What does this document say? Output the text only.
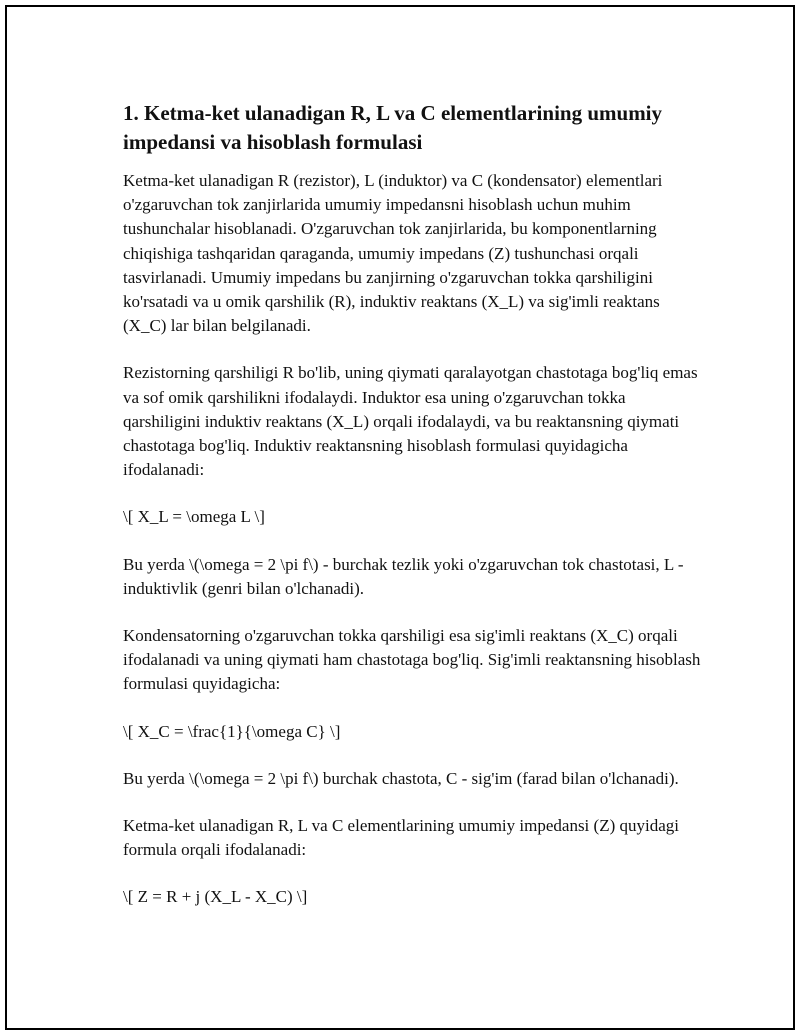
1. Ketma-ket ulanadigan R, L va C elementlarining umumiy impedansi va hisoblash formulasi

Ketma-ket ulanadigan R (rezistor), L (induktor) va C (kondensator) elementlari o'zgaruvchan tok zanjirlarida umumiy impedansni hisoblash uchun muhim tushunchalar hisoblanadi. O'zgaruvchan tok zanjirlarida, bu komponentlarning chiqishiga tashqaridan qaraganda, umumiy impedans (Z) tushunchasi orqali tasvirlanadi. Umumiy impedans bu zanjirning o'zgaruvchan tokka qarshiligini ko'rsatadi va u omik qarshilik (R), induktiv reaktans (X_L) va sig'imli reaktans (X_C) lar bilan belgilanadi.

Rezistorning qarshiligi R bo'lib, uning qiymati qaralayotgan chastotaga bog'liq emas va sof omik qarshilikni ifodalaydi. Induktor esa uning o'zgaruvchan tokka qarshiligini induktiv reaktans (X_L) orqali ifodalaydi, va bu reaktansning qiymati chastotaga bog'liq. Induktiv reaktansning hisoblash formulasi quyidagicha ifodalanadi:

\[ X_L = \omega L \]

Bu yerda \(\omega = 2 \pi f\) - burchak tezlik yoki o'zgaruvchan tok chastotasi, L - induktivlik (genri bilan o'lchanadi).

Kondensatorning o'zgaruvchan tokka qarshiligi esa sig'imli reaktans (X_C) orqali ifodalanadi va uning qiymati ham chastotaga bog'liq. Sig'imli reaktansning hisoblash formulasi quyidagicha:

\[ X_C = \frac{1}{\omega C} \]

Bu yerda \(\omega = 2 \pi f\) burchak chastota, C - sig'im (farad bilan o'lchanadi).

Ketma-ket ulanadigan R, L va C elementlarining umumiy impedansi (Z) quyidagi formula orqali ifodalanadi:

\[ Z = R + j (X_L - X_C) \]
